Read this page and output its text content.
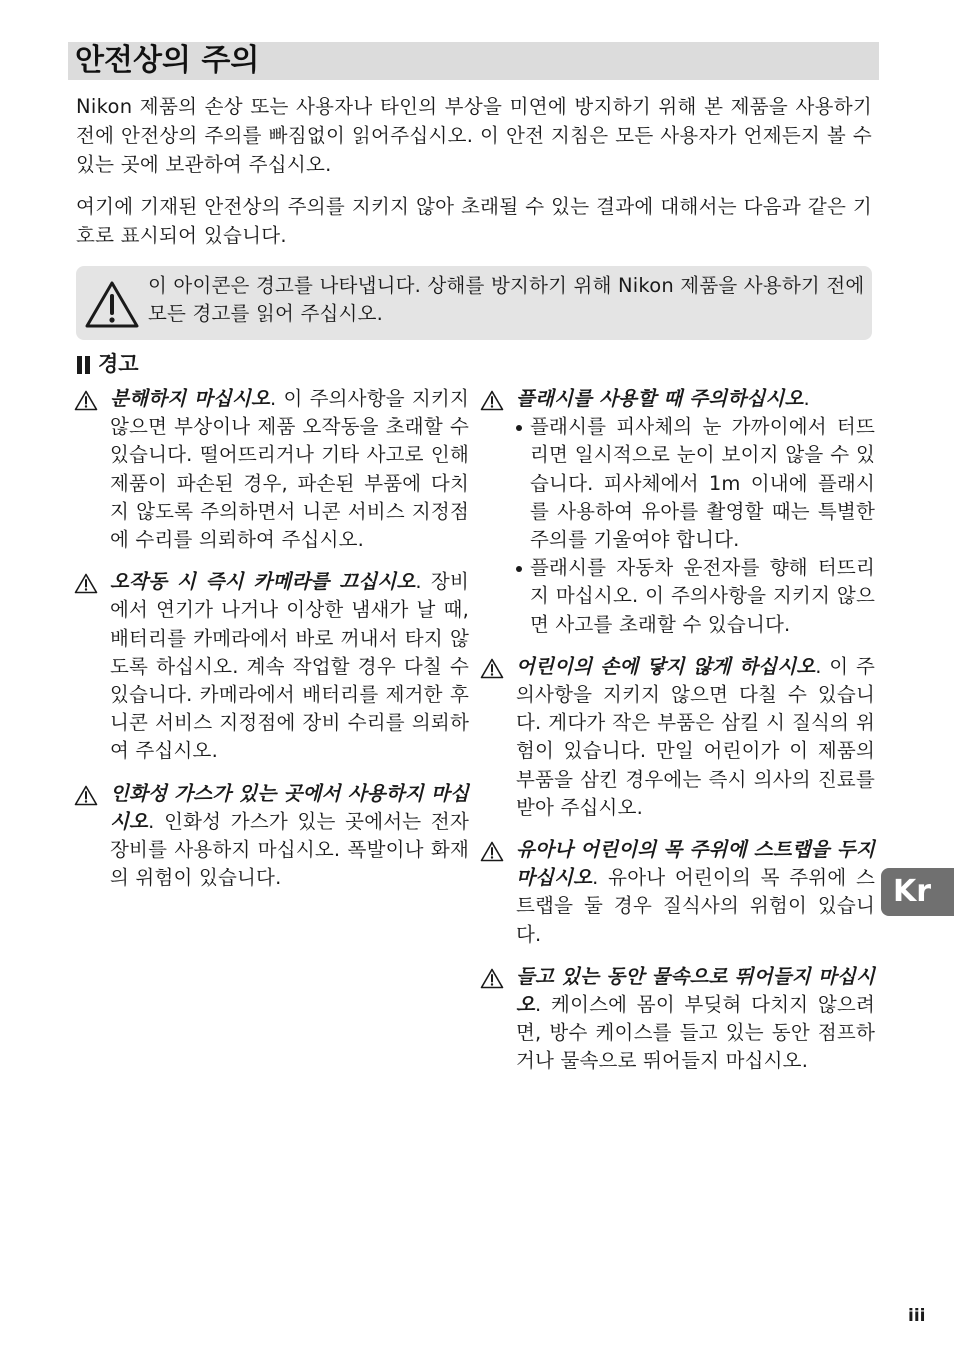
안전상의 주의
Nikon 제품의 손상 또는 사용자나 타인의 부상을 미연에 방지하기 위해 본 제품을 사용하기 전에 안전상의 주의를 빠짐없이 읽어주십시오. 이 안전 지침은 모든 사용자가 언제든지 볼 수 있는 곳에 보관하여 주십시오.
여기에 기재된 안전상의 주의를 지키지 않아 초래될 수 있는 결과에 대해서는 다음과 같은 기호로 표시되어 있습니다.
이 아이콘은 경고를 나타냅니다. 상해를 방지하기 위해 Nikon 제품을 사용하기 전에 모든 경고를 읽어 주십시오.
경고
분해하지 마십시오. 이 주의사항을 지키지 않으면 부상이나 제품 오작동을 초래할 수 있습니다. 떨어뜨리거나 기타 사고로 인해 제품이 파손된 경우, 파손된 부품에 다치지 않도록 주의하면서 니콘 서비스 지정점에 수리를 의뢰하여 주십시오.
오작동 시 즉시 카메라를 끄십시오. 장비에서 연기가 나거나 이상한 냄새가 날 때, 배터리를 카메라에서 바로 꺼내서 타지 않도록 하십시오. 계속 작업할 경우 다칠 수 있습니다. 카메라에서 배터리를 제거한 후 니콘 서비스 지정점에 장비 수리를 의뢰하여 주십시오.
인화성 가스가 있는 곳에서 사용하지 마십시오. 인화성 가스가 있는 곳에서는 전자 장비를 사용하지 마십시오. 폭발이나 화재의 위험이 있습니다.
플래시를 사용할 때 주의하십시오.
플래시를 피사체의 눈 가까이에서 터뜨리면 일시적으로 눈이 보이지 않을 수 있습니다. 피사체에서 1m 이내에 플래시를 사용하여 유아를 촬영할 때는 특별한 주의를 기울여야 합니다.
플래시를 자동차 운전자를 향해 터뜨리지 마십시오. 이 주의사항을 지키지 않으면 사고를 초래할 수 있습니다.
어린이의 손에 닿지 않게 하십시오. 이 주의사항을 지키지 않으면 다칠 수 있습니다. 게다가 작은 부품은 삼킬 시 질식의 위험이 있습니다. 만일 어린이가 이 제품의 부품을 삼킨 경우에는 즉시 의사의 진료를 받아 주십시오.
유아나 어린이의 목 주위에 스트랩을 두지 마십시오. 유아나 어린이의 목 주위에 스트랩을 둘 경우 질식사의 위험이 있습니다.
들고 있는 동안 물속으로 뛰어들지 마십시오. 케이스에 몸이 부딪혀 다치지 않으려면, 방수 케이스를 들고 있는 동안 점프하거나 물속으로 뛰어들지 마십시오.
Kr
iii
